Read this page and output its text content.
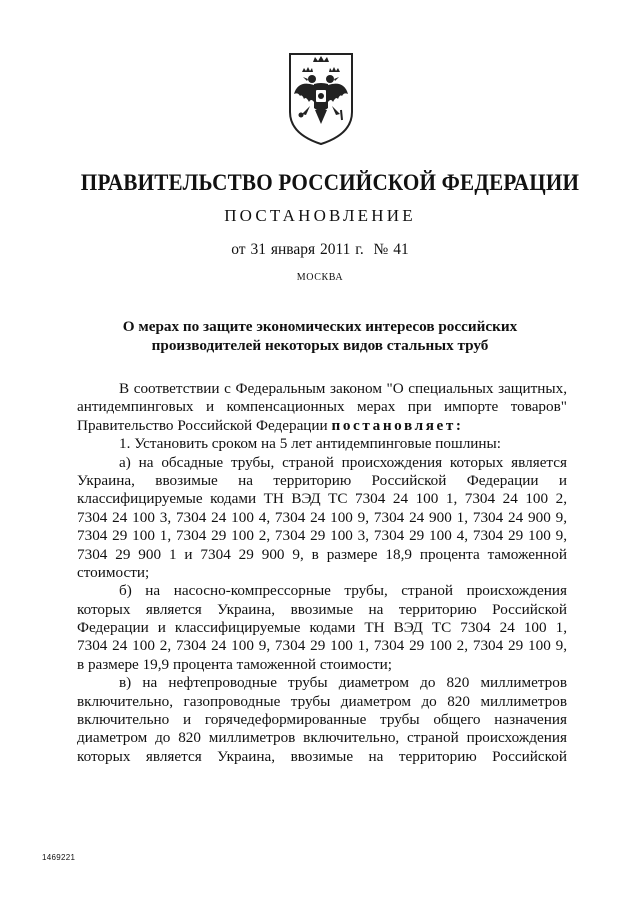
ПРАВИТЕЛЬСТВО РОССИЙСКОЙ ФЕДЕРАЦИИ
ПОСТАНОВЛЕНИЕ
от 31 января 2011 г. № 41
МОСКВА
О мерах по защите экономических интересов российских
производителей некоторых видов стальных труб
В соответствии с Федеральным законом "О специальных защитных,
антидемпинговых и компенсационных мерах при импорте товаров"
Правительство Российской Федерации постановляет:
1. Установить сроком на 5 лет антидемпинговые пошлины:
а) на обсадные трубы, страной происхождения которых является
Украина, ввозимые на территорию Российской Федерации и
классифицируемые кодами ТН ВЭД ТС 7304 24 100 1, 7304 24 100 2,
7304 24 100 3, 7304 24 100 4, 7304 24 100 9, 7304 24 900 1, 7304 24 900 9,
7304 29 100 1, 7304 29 100 2, 7304 29 100 3, 7304 29 100 4, 7304 29 100 9,
7304 29 900 1 и 7304 29 900 9, в размере 18,9 процента таможенной
стоимости;
б) на насосно-компрессорные трубы, страной происхождения
которых является Украина, ввозимые на территорию Российской
Федерации и классифицируемые кодами ТН ВЭД ТС 7304 24 100 1,
7304 24 100 2, 7304 24 100 9, 7304 29 100 1, 7304 29 100 2, 7304 29 100 9,
в размере 19,9 процента таможенной стоимости;
в) на нефтепроводные трубы диаметром до 820 миллиметров
включительно, газопроводные трубы диаметром до 820 миллиметров
включительно и горячедеформированные трубы общего назначения
диаметром до 820 миллиметров включительно, страной происхождения
которых является Украина, ввозимые на территорию Российской
1469221
